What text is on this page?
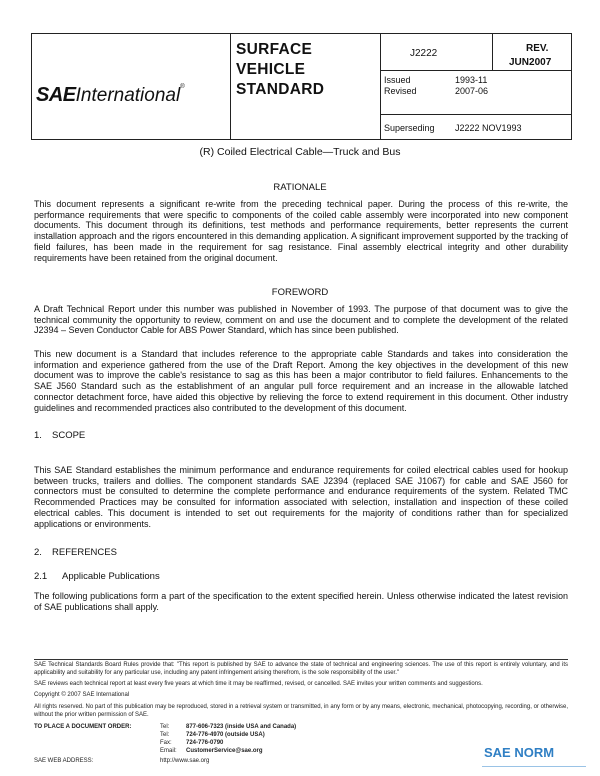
SAEInternational®
SURFACE
VEHICLE
STANDARD
J2222	REV.
JUN2007
Issued	1993-11
Revised	2007-06
Superseding J2222 NOV1993
(R) Coiled Electrical Cable—Truck and Bus
RATIONALE
This document represents a significant re-write from the preceding technical paper. During the process of this re-write, the performance requirements that were specific to components of the coiled cable assembly were incorporated into new component documents. This document through its definitions, test methods and performance requirements, better represents the current installation approach and the rigors encountered in this demanding application. A significant improvement supported by the tracking of field failures, has been made in the requirement for sag resistance. Final assembly electrical integrity and other durability requirements have been retained from the original document.
FOREWORD
A Draft Technical Report under this number was published in November of 1993. The purpose of that document was to give the technical community the opportunity to review, comment on and use the document and to complete the development of the related J2394 – Seven Conductor Cable for ABS Power Standard, which has since been published.
This new document is a Standard that includes reference to the appropriate cable Standards and takes into consideration the information and experience gathered from the use of the Draft Report. Among the key objectives in the development of this new document was to improve the cable's resistance to sag as this has been a major contributor to field failures. Enhancements to the SAE J560 Standard such as the establishment of an angular pull force requirement and an increase in the allowable latched connector detachment force, have aided this objective by relieving the force to extend requirement in this document. Other industry guidelines and recommended practices also contributed to the development of this document.
1. SCOPE
This SAE Standard establishes the minimum performance and endurance requirements for coiled electrical cables used for hookup between trucks, trailers and dollies. The component standards SAE J2394 (replaced SAE J1067) for cable and SAE J560 for connectors must be consulted to determine the complete performance and endurance requirements of the system. Related TMC Recommended Practices may be consulted for information associated with selection, installation and inspection of these coiled electrical cables. This document is intended to set out requirements for the majority of conditions rather than for specialized applications or environments.
2. REFERENCES
2.1 Applicable Publications
The following publications form a part of the specification to the extent specified herein. Unless otherwise indicated the latest revision of SAE publications shall apply.
SAE Technical Standards Board Rules provide that: "This report is published by SAE to advance the state of technical and engineering sciences. The use of this report is entirely voluntary, and its applicability and suitability for any particular use, including any patent infringement arising therefrom, is the sole responsibility of the user."
SAE reviews each technical report at least every five years at which time it may be reaffirmed, revised, or cancelled. SAE invites your written comments and suggestions.
Copyright © 2007 SAE International
All rights reserved. No part of this publication may be reproduced, stored in a retrieval system or transmitted, in any form or by any means, electronic, mechanical, photocopying, recording, or otherwise, without the prior written permission of SAE.
TO PLACE A DOCUMENT ORDER:	Tel:	877-606-7323 (inside USA and Canada)
Tel:	724-776-4970 (outside USA)
Fax: 724-776-0790
Email: CustomerService@sae.org
SAE WEB ADDRESS:	http://www.sae.org
SAE NORM
